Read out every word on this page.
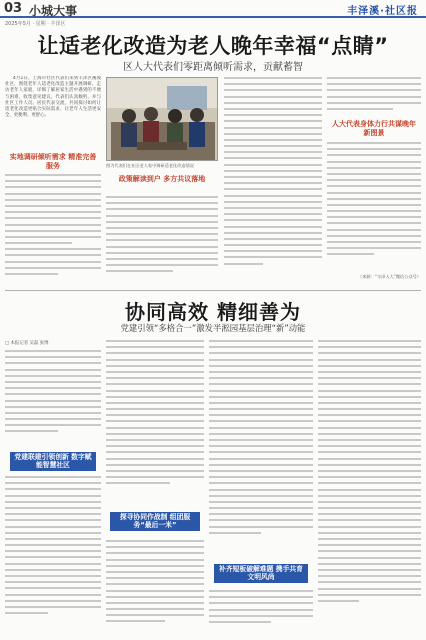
03 小城大事	丰泽溪·社区报
2025年5月 · 星期 · 丰泽区
让适老化改造为老人晚年幸福“点睛”
区人大代表们零距离倾听需求，贡献蓄智

4月1日，上海市社区代表们来到丰泽区溪坡社区，围绕老年人适老化改造主题开展调研，走访老年人家庭，详细了解居家生活中遇到的不便与困难，收集意见建议。代表们认真倾听，并与社区工作人员、居民代表交流，共同探讨如何让适老化改造更贴合实际需求，让老年人生活更安全、更便利、更舒心。

实地调研倾听需求 精准完善服务	图为代表们在社区老人家中调研适老化改造情况
政策解读到户 多方共议落地
人大代表身体力行共谋晚年新图景
（来源：“丰泽人大”微信公众号）
协同高效 精细善为
党建引领“多格合一”激发半淞园基层治理“新”动能
□ 本报记者 吴磊 张博
党建联建引领创新 数字赋能智慧社区
探寻协同作战制 组团服务“最后一米”
补齐短板破解难题 携手共育文明风尚
